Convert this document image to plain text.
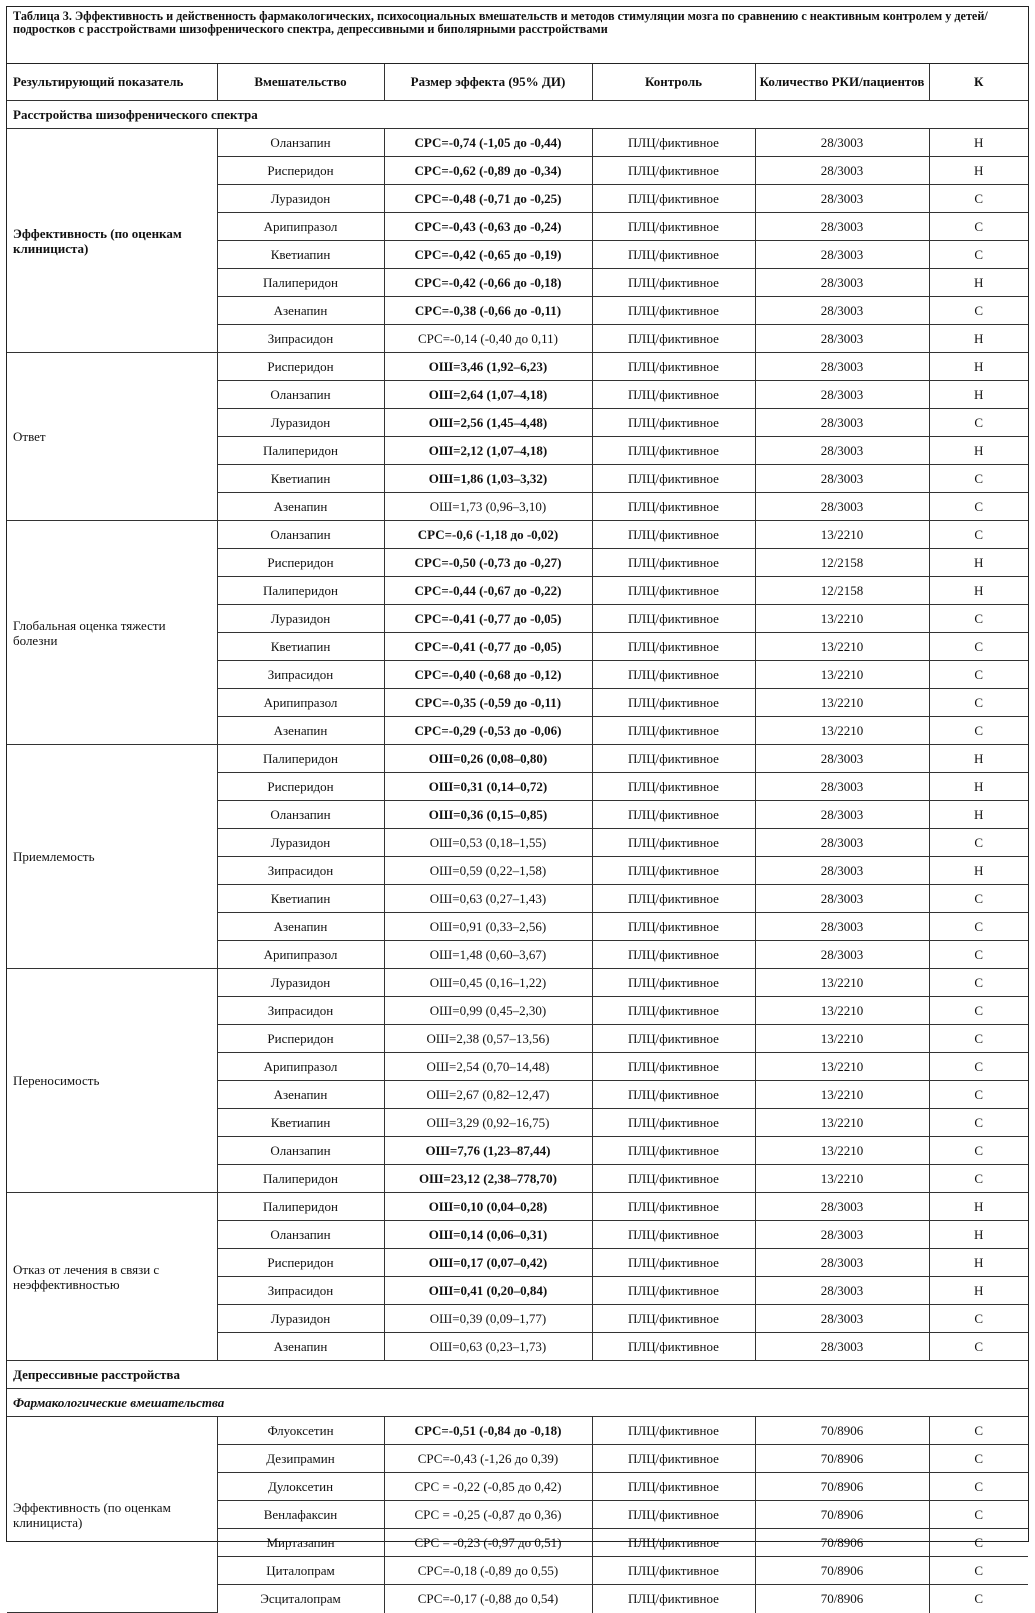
Таблица 3. Эффективность и действенность фармакологических, психосоциальных вмешательств и методов стимуляции мозга по сравнению с неактивным контролем у детей/подростков с расстройствами шизофренического спектра, депрессивными и биполярными расстройствами
Результирующий показатель	Вмешательство	Размер эффекта (95% ДИ)	Контроль	Количество РКИ/пациентов	К
Расстройства шизофренического спектра					
Эффективность (по оценкам клинициста)	Оланзапин	СРС=-0,74 (-1,05 до -0,44)	ПЛЦ/фиктивное	28/3003	Н
	Рисперидон	СРС=-0,62 (-0,89 до -0,34)	ПЛЦ/фиктивное	28/3003	Н
	Луразидон	СРС=-0,48 (-0,71 до -0,25)	ПЛЦ/фиктивное	28/3003	С
	Арипипразол	СРС=-0,43 (-0,63 до -0,24)	ПЛЦ/фиктивное	28/3003	С
	Кветиапин	СРС=-0,42 (-0,65 до -0,19)	ПЛЦ/фиктивное	28/3003	С
	Палиперидон	СРС=-0,42 (-0,66 до -0,18)	ПЛЦ/фиктивное	28/3003	Н
	Азенапин	СРС=-0,38 (-0,66 до -0,11)	ПЛЦ/фиктивное	28/3003	С
	Зипрасидон	СРС=-0,14 (-0,40 до 0,11)	ПЛЦ/фиктивное	28/3003	Н
Ответ	Рисперидон	ОШ=3,46 (1,92–6,23)	ПЛЦ/фиктивное	28/3003	Н
	Оланзапин	ОШ=2,64 (1,07–4,18)	ПЛЦ/фиктивное	28/3003	Н
	Луразидон	ОШ=2,56 (1,45–4,48)	ПЛЦ/фиктивное	28/3003	С
	Палиперидон	ОШ=2,12 (1,07–4,18)	ПЛЦ/фиктивное	28/3003	Н
	Кветиапин	ОШ=1,86 (1,03–3,32)	ПЛЦ/фиктивное	28/3003	С
	Азенапин	ОШ=1,73 (0,96–3,10)	ПЛЦ/фиктивное	28/3003	С
Глобальная оценка тяжести болезни	Оланзапин	СРС=-0,6 (-1,18 до -0,02)	ПЛЦ/фиктивное	13/2210	С
	Рисперидон	СРС=-0,50 (-0,73 до -0,27)	ПЛЦ/фиктивное	12/2158	Н
	Палиперидон	СРС=-0,44 (-0,67 до -0,22)	ПЛЦ/фиктивное	12/2158	Н
	Луразидон	СРС=-0,41 (-0,77 до -0,05)	ПЛЦ/фиктивное	13/2210	С
	Кветиапин	СРС=-0,41 (-0,77 до -0,05)	ПЛЦ/фиктивное	13/2210	С
	Зипрасидон	СРС=-0,40 (-0,68 до -0,12)	ПЛЦ/фиктивное	13/2210	С
	Арипипразол	СРС=-0,35 (-0,59 до -0,11)	ПЛЦ/фиктивное	13/2210	С
	Азенапин	СРС=-0,29 (-0,53 до -0,06)	ПЛЦ/фиктивное	13/2210	С
Приемлемость	Палиперидон	ОШ=0,26 (0,08–0,80)	ПЛЦ/фиктивное	28/3003	Н
	Рисперидон	ОШ=0,31 (0,14–0,72)	ПЛЦ/фиктивное	28/3003	Н
	Оланзапин	ОШ=0,36 (0,15–0,85)	ПЛЦ/фиктивное	28/3003	Н
	Луразидон	ОШ=0,53 (0,18–1,55)	ПЛЦ/фиктивное	28/3003	С
	Зипрасидон	ОШ=0,59 (0,22–1,58)	ПЛЦ/фиктивное	28/3003	Н
	Кветиапин	ОШ=0,63 (0,27–1,43)	ПЛЦ/фиктивное	28/3003	С
	Азенапин	ОШ=0,91 (0,33–2,56)	ПЛЦ/фиктивное	28/3003	С
	Арипипразол	ОШ=1,48 (0,60–3,67)	ПЛЦ/фиктивное	28/3003	С
Переносимость	Луразидон	ОШ=0,45 (0,16–1,22)	ПЛЦ/фиктивное	13/2210	С
	Зипрасидон	ОШ=0,99 (0,45–2,30)	ПЛЦ/фиктивное	13/2210	С
	Рисперидон	ОШ=2,38 (0,57–13,56)	ПЛЦ/фиктивное	13/2210	С
	Арипипразол	ОШ=2,54 (0,70–14,48)	ПЛЦ/фиктивное	13/2210	С
	Азенапин	ОШ=2,67 (0,82–12,47)	ПЛЦ/фиктивное	13/2210	С
	Кветиапин	ОШ=3,29 (0,92–16,75)	ПЛЦ/фиктивное	13/2210	С
	Оланзапин	ОШ=7,76 (1,23–87,44)	ПЛЦ/фиктивное	13/2210	С
	Палиперидон	ОШ=23,12 (2,38–778,70)	ПЛЦ/фиктивное	13/2210	С
Отказ от лечения в связи с неэффективностью	Палиперидон	ОШ=0,10 (0,04–0,28)	ПЛЦ/фиктивное	28/3003	Н
	Оланзапин	ОШ=0,14 (0,06–0,31)	ПЛЦ/фиктивное	28/3003	Н
	Рисперидон	ОШ=0,17 (0,07–0,42)	ПЛЦ/фиктивное	28/3003	Н
	Зипрасидон	ОШ=0,41 (0,20–0,84)	ПЛЦ/фиктивное	28/3003	Н
	Луразидон	ОШ=0,39 (0,09–1,77)	ПЛЦ/фиктивное	28/3003	С
	Азенапин	ОШ=0,63 (0,23–1,73)	ПЛЦ/фиктивное	28/3003	С
Депрессивные расстройства					
Фармакологические вмешательства					
Эффективность (по оценкам клинициста)	Флуоксетин	СРС=-0,51 (-0,84 до -0,18)	ПЛЦ/фиктивное	70/8906	С
	Дезипрамин	СРС=-0,43 (-1,26 до 0,39)	ПЛЦ/фиктивное	70/8906	С
	Дулоксетин	СРС = -0,22 (-0,85 до 0,42)	ПЛЦ/фиктивное	70/8906	С
	Венлафаксин	СРС = -0,25 (-0,87 до 0,36)	ПЛЦ/фиктивное	70/8906	С
	Миртазапин	СРС = -0,23 (-0,97 до 0,51)	ПЛЦ/фиктивное	70/8906	С
	Циталопрам	СРС=-0,18 (-0,89 до 0,55)	ПЛЦ/фиктивное	70/8906	С
	Эсциталопрам	СРС=-0,17 (-0,88 до 0,54)	ПЛЦ/фиктивное	70/8906	С
